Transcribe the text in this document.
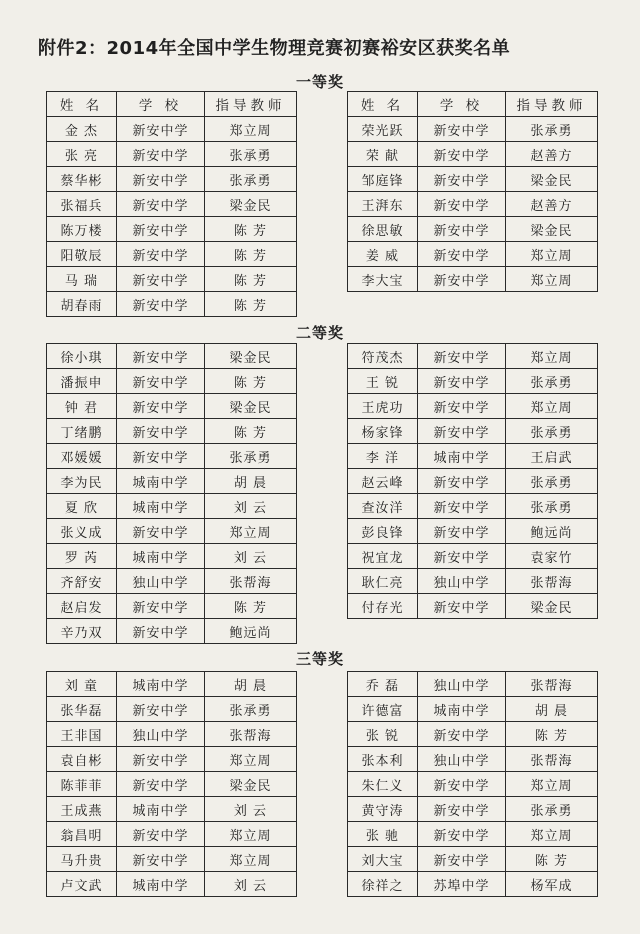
附件2：2014年全国中学生物理竞赛初赛裕安区获奖名单
一等奖
姓 名	学 校	指导教师
金 杰	新安中学	郑立周
张 亮	新安中学	张承勇
蔡华彬	新安中学	张承勇
张福兵	新安中学	梁金民
陈万楼	新安中学	陈 芳
阳敬辰	新安中学	陈 芳
马 瑞	新安中学	陈 芳
胡春雨	新安中学	陈 芳
姓 名	学 校	指导教师
荣光跃	新安中学	张承勇
荣 献	新安中学	赵善方
邹庭锋	新安中学	梁金民
王湃东	新安中学	赵善方
徐思敏	新安中学	梁金民
姜 威	新安中学	郑立周
李大宝	新安中学	郑立周
二等奖
徐小琪	新安中学	梁金民
潘振申	新安中学	陈 芳
钟 君	新安中学	梁金民
丁绪鹏	新安中学	陈 芳
邓媛媛	新安中学	张承勇
李为民	城南中学	胡 晨
夏 欣	城南中学	刘 云
张义成	新安中学	郑立周
罗 芮	城南中学	刘 云
齐舒安	独山中学	张帮海
赵启发	新安中学	陈 芳
辛乃双	新安中学	鲍远尚
符茂杰	新安中学	郑立周
王 锐	新安中学	张承勇
王虎功	新安中学	郑立周
杨家锋	新安中学	张承勇
李 洋	城南中学	王启武
赵云峰	新安中学	张承勇
查汝洋	新安中学	张承勇
彭良锋	新安中学	鲍远尚
祝宜龙	新安中学	袁家竹
耿仁亮	独山中学	张帮海
付存光	新安中学	梁金民
三等奖
刘 童	城南中学	胡 晨
张华磊	新安中学	张承勇
王非国	独山中学	张帮海
袁自彬	新安中学	郑立周
陈菲菲	新安中学	梁金民
王成燕	城南中学	刘 云
翁昌明	新安中学	郑立周
马升贵	新安中学	郑立周
卢文武	城南中学	刘 云
乔 磊	独山中学	张帮海
许德富	城南中学	胡 晨
张 锐	新安中学	陈 芳
张本利	独山中学	张帮海
朱仁义	新安中学	郑立周
黄守涛	新安中学	张承勇
张 驰	新安中学	郑立周
刘大宝	新安中学	陈 芳
徐祥之	苏埠中学	杨军成
